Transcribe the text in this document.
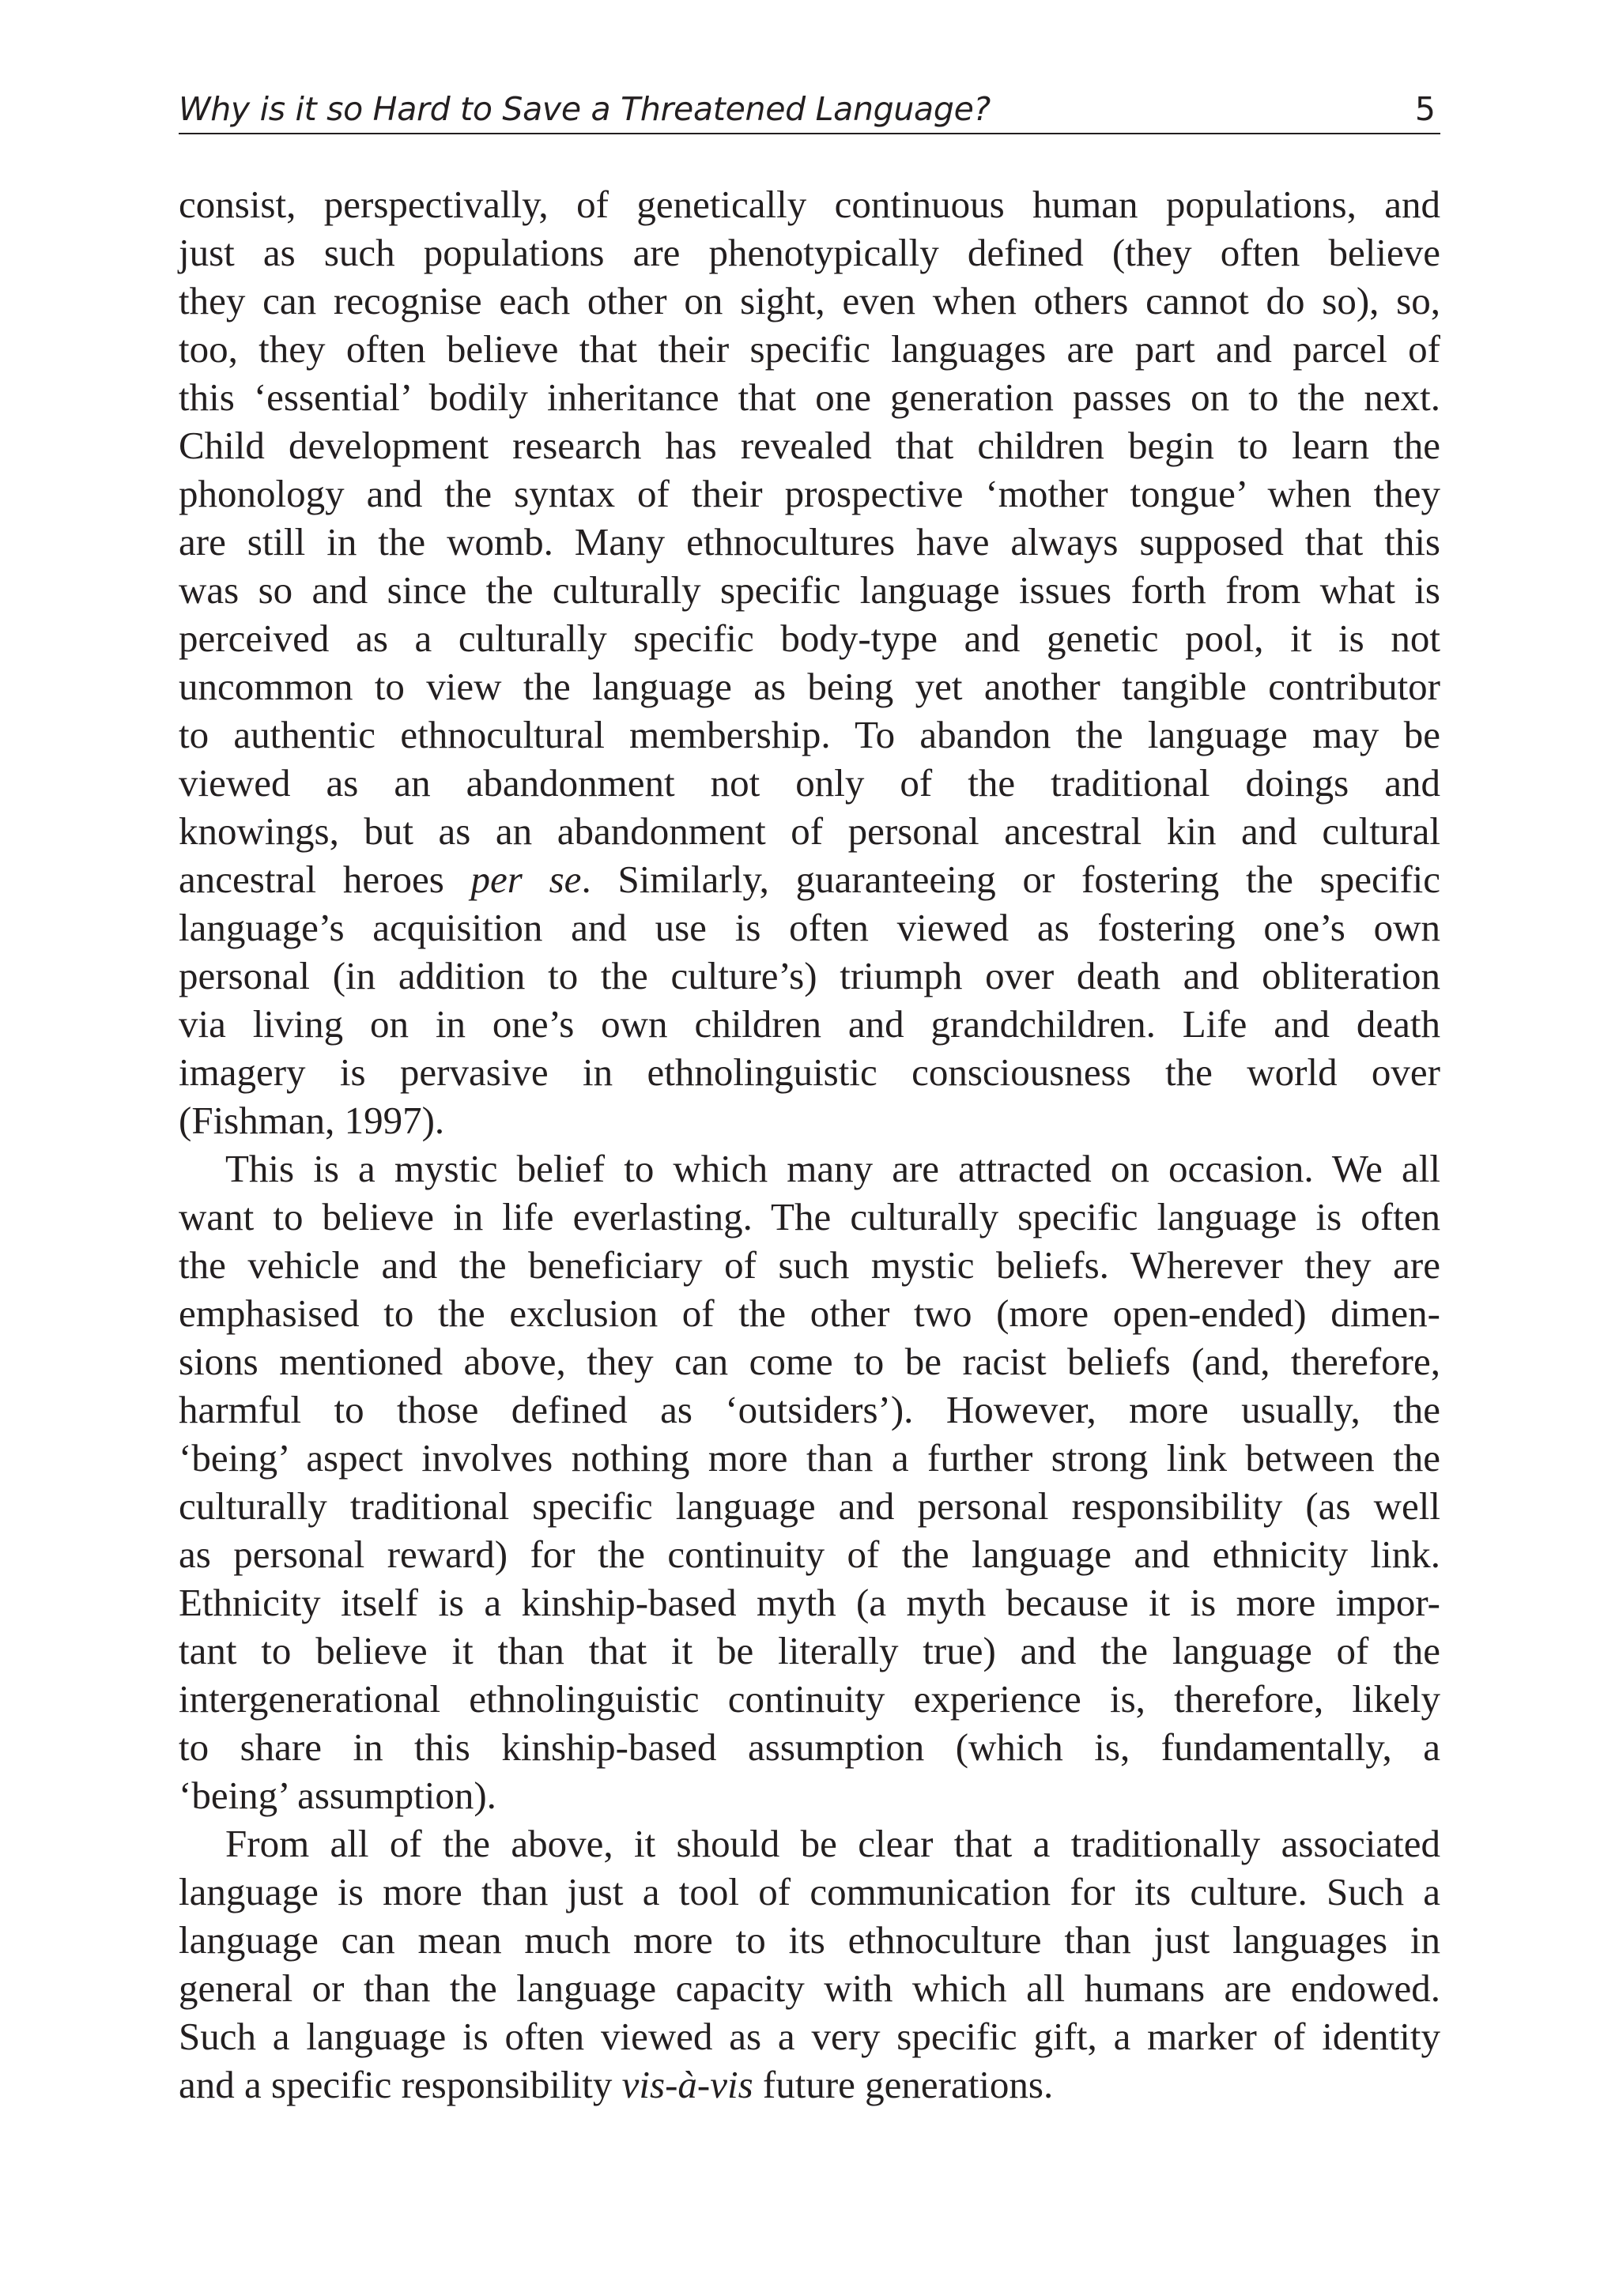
Why is it so Hard to Save a Threatened Language?	5
consist, perspectivally, of genetically continuous human populations, and
just as such populations are phenotypically defined (they often believe
they can recognise each other on sight, even when others cannot do so), so,
too, they often believe that their specific languages are part and parcel of
this ‘essential’ bodily inheritance that one generation passes on to the next.
Child development research has revealed that children begin to learn the
phonology and the syntax of their prospective ‘mother tongue’ when they
are still in the womb. Many ethnocultures have always supposed that this
was so and since the culturally specific language issues forth from what is
perceived as a culturally specific body-type and genetic pool, it is not
uncommon to view the language as being yet another tangible contributor
to authentic ethnocultural membership. To abandon the language may be
viewed as an abandonment not only of the traditional doings and
knowings, but as an abandonment of personal ancestral kin and cultural
ancestral heroes per se. Similarly, guaranteeing or fostering the specific
language’s acquisition and use is often viewed as fostering one’s own
personal (in addition to the culture’s) triumph over death and obliteration
via living on in one’s own children and grandchildren. Life and death
imagery is pervasive in ethnolinguistic consciousness the world over
(Fishman, 1997).
This is a mystic belief to which many are attracted on occasion. We all
want to believe in life everlasting. The culturally specific language is often
the vehicle and the beneficiary of such mystic beliefs. Wherever they are
emphasised to the exclusion of the other two (more open-ended) dimen-
sions mentioned above, they can come to be racist beliefs (and, therefore,
harmful to those defined as ‘outsiders’). However, more usually, the
‘being’ aspect involves nothing more than a further strong link between the
culturally traditional specific language and personal responsibility (as well
as personal reward) for the continuity of the language and ethnicity link.
Ethnicity itself is a kinship-based myth (a myth because it is more impor-
tant to believe it than that it be literally true) and the language of the
intergenerational ethnolinguistic continuity experience is, therefore, likely
to share in this kinship-based assumption (which is, fundamentally, a
‘being’ assumption).
From all of the above, it should be clear that a traditionally associated
language is more than just a tool of communication for its culture. Such a
language can mean much more to its ethnoculture than just languages in
general or than the language capacity with which all humans are endowed.
Such a language is often viewed as a very specific gift, a marker of identity
and a specific responsibility vis-à-vis future generations.
